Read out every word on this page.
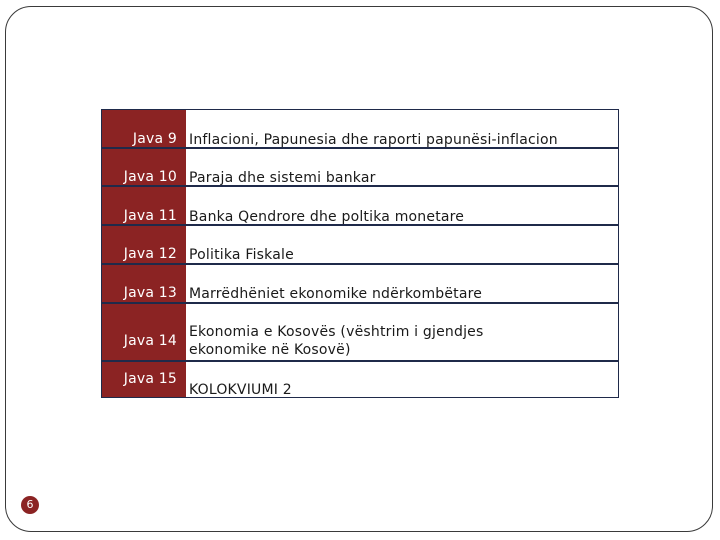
Java 9 Inflacioni, Papunesia dhe raporti papunësi-inflacion
Java 10 Paraja dhe sistemi bankar
Java 11 Banka Qendrore dhe poltika monetare
Java 12 Politika Fiskale
Java 13 Marrëdhëniet ekonomike ndërkombëtare
Java 14
Ekonomia e Kosovës (vështrim i gjendjes
ekonomike në Kosovë)
Java 15
KOLOKVIUMI 2
6
